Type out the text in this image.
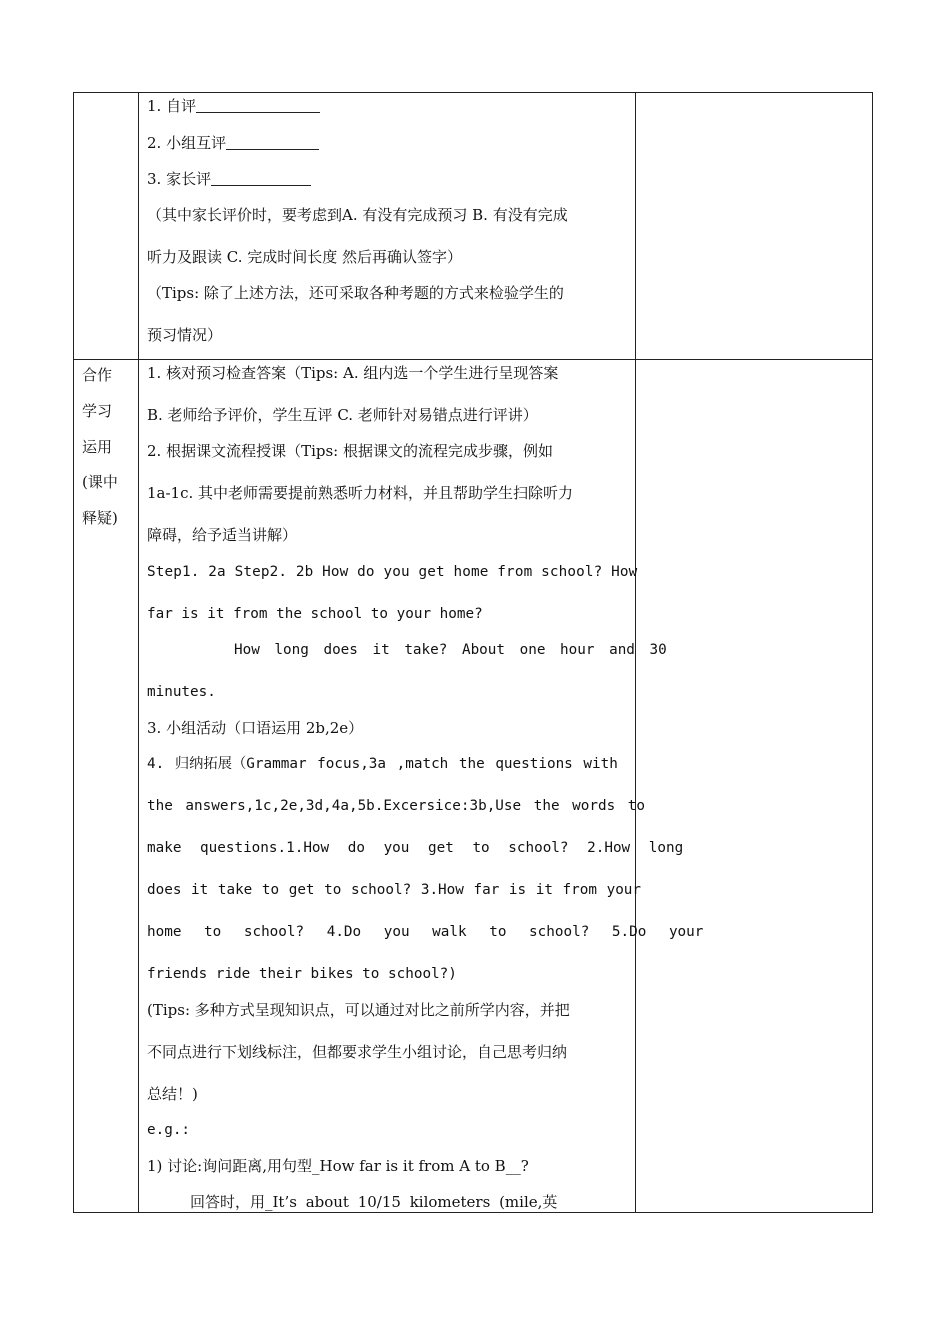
1. 自评
2. 小组互评
3. 家长评
（其中家长评价时，要考虑到A. 有没有完成预习 B. 有没有完成
听力及跟读 C. 完成时间长度 然后再确认签字）
（Tips: 除了上述方法，还可采取各种考题的方式来检验学生的
预习情况）
合作
学习
运用
(课中
释疑)
1. 核对预习检查答案（Tips: A. 组内选一个学生进行呈现答案
B. 老师给予评价，学生互评 C. 老师针对易错点进行评讲）
2. 根据课文流程授课（Tips: 根据课文的流程完成步骤，例如
1a-1c. 其中老师需要提前熟悉听力材料，并且帮助学生扫除听力
障碍，给予适当讲解）
Step1. 2a Step2. 2b How do you get home from school? How
far is it from the school to your home?
How long does it take? About one hour and 30
minutes.
3. 小组活动（口语运用 2b,2e）
4. 归纳拓展（Grammar focus,3a ,match the questions with
the answers,1c,2e,3d,4a,5b.Excersice:3b,Use the words to
make questions.1.How do you get to school? 2.How long
does it take to get to school? 3.How far is it from your
home to school? 4.Do you walk to school? 5.Do your
friends ride their bikes to school?)
(Tips: 多种方式呈现知识点，可以通过对比之前所学内容，并把
不同点进行下划线标注，但都要求学生小组讨论，自己思考归纳
总结！)
e.g.:
1) 讨论:询问距离,用句型_How far is it from A to B__?
回答时，用_It’s about 10/15 kilometers (mile,英
